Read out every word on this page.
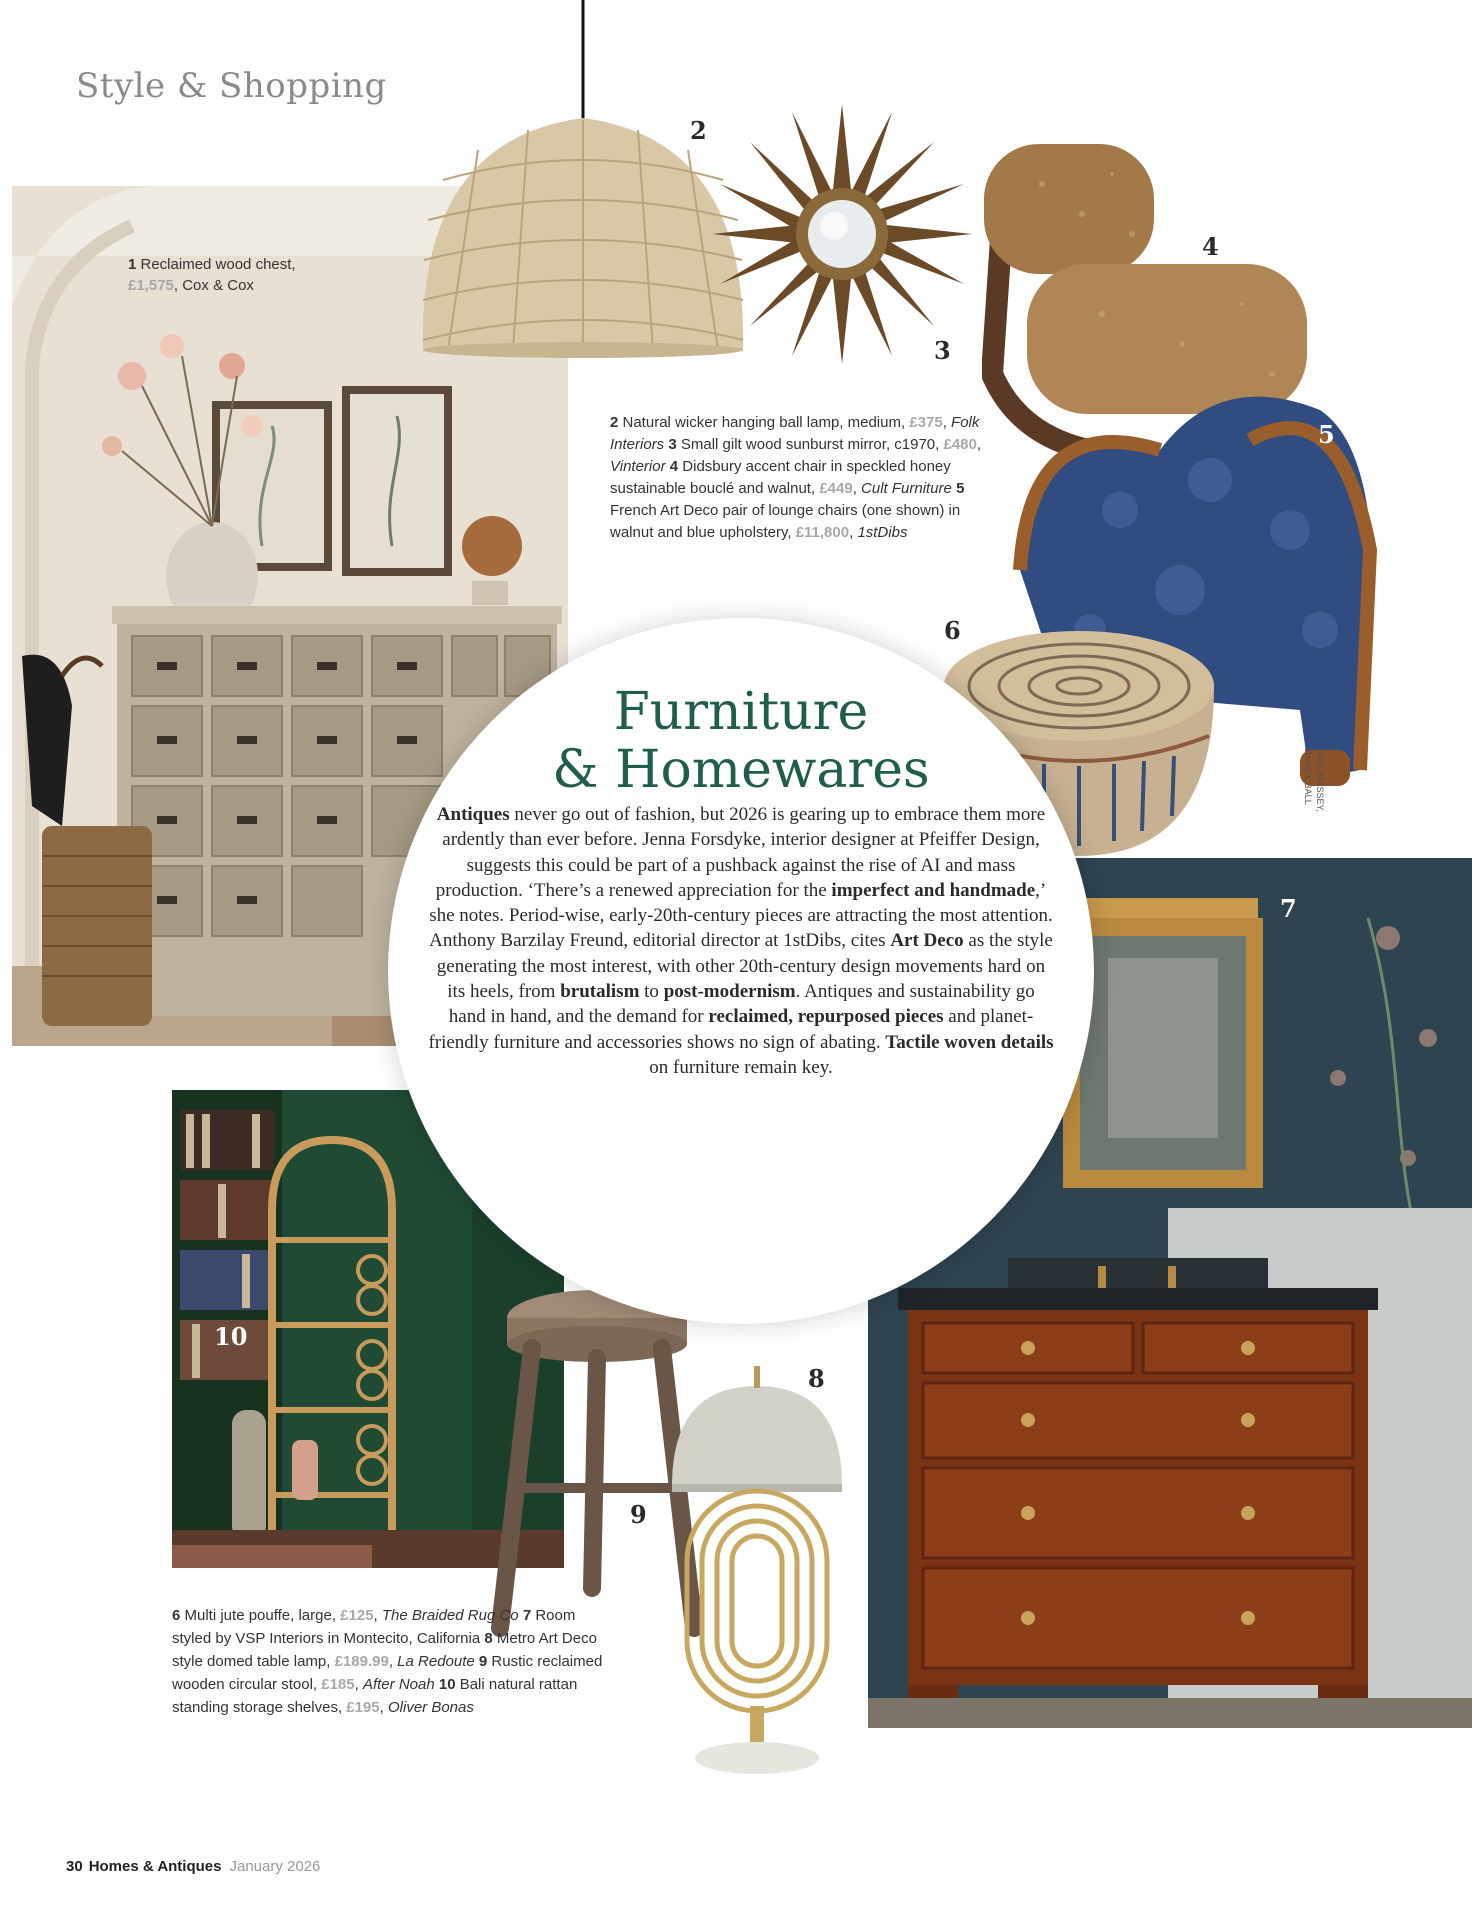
Style & Shopping
1 Reclaimed wood chest, £1,575, Cox & Cox
2
3
4
5
2 Natural wicker hanging ball lamp, medium, £375, Folk Interiors 3 Small gilt wood sunburst mirror, c1970, £480, Vinterior 4 Didsbury accent chair in speckled honey sustainable bouclé and walnut, £449, Cult Furniture 5 French Art Deco pair of lounge chairs (one shown) in walnut and blue upholstery, £11,800, 1stDibs
6
PAUL MASSEY, DANIEL BALL
7
10
9
8
6 Multi jute pouffe, large, £125, The Braided Rug Co 7 Room styled by VSP Interiors in Montecito, California 8 Metro Art Deco style domed table lamp, £189.99, La Redoute 9 Rustic reclaimed wooden circular stool, £185, After Noah 10 Bali natural rattan standing storage shelves, £195, Oliver Bonas
Furniture
& Homewares
Antiques never go out of fashion, but 2026 is gearing up to embrace them more ardently than ever before. Jenna Forsdyke, interior designer at Pfeiffer Design, suggests this could be part of a pushback against the rise of AI and mass production. ‘There’s a renewed appreciation for the imperfect and handmade,’ she notes. Period-wise, early-20th-century pieces are attracting the most attention. Anthony Barzilay Freund, editorial director at 1stDibs, cites Art Deco as the style generating the most interest, with other 20th-century design movements hard on its heels, from brutalism to post-modernism. Antiques and sustainability go hand in hand, and the demand for reclaimed, repurposed pieces and planet-friendly furniture and accessories shows no sign of abating. Tactile woven details on furniture remain key.
30 Homes & Antiques January 2026
